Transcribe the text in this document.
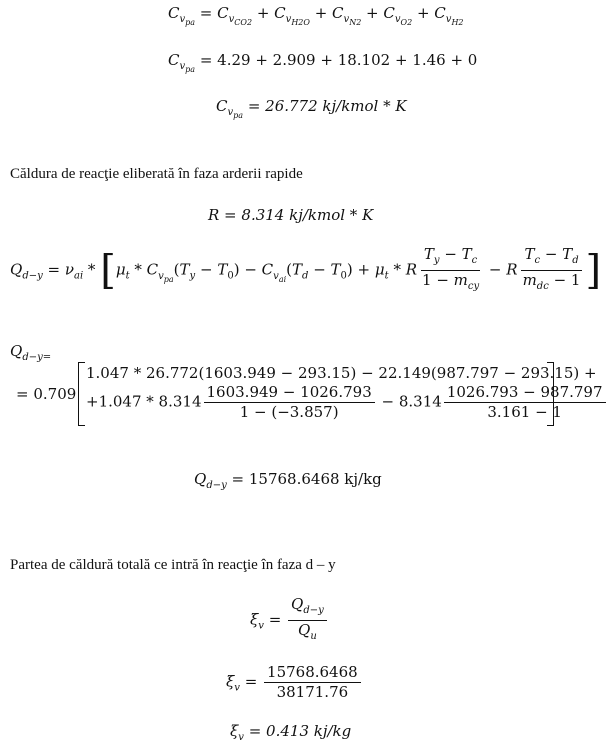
$C_{v_{pa}} = C_{v_{CO2}} + C_{v_{H2O}} + C_{v_{N2}} + C_{v_{O2}} + C_{v_{H2}}$
$C_{v_{pa}} = 4.29 + 2.909 + 18.102 + 1.46 + 0$
$C_{v_{pa}} = 26.772$ kj/kmol * K
Căldura de reacţie eliberată în faza arderii rapide
R = 8.314 kj/kmol * K
$Q_{d-y} = \nu_{ai} * [\mu_t * C_{v_{pa}}(T_y - T_0) - C_{v_{ai}}(T_d - T_0) + \mu_t * R \frac{T_y - T_c}{1 - m_{cy}} - R \frac{T_c - T_d}{m_{dc} - 1}$ ]
$Q_{d-y=}$
= 0.709
1.047 * 26.772(1603.949 − 293.15) − 22.149(987.797 − 293.15) +
$+1.047 * 8.314 \frac{1603.949 - 1026.793}{1 - (-3.857)} - 8.314 \frac{1026.793 - 987.797}{3.161 - 1}$
$Q_{d-y} = 15768.6468$ kj/kg
Partea de căldură totală ce intră în reacţie în faza d – y
$\xi_v = \frac{Q_{d-y}}{Q_u}$
$\xi_v = \frac{15768.6468}{38171.76}$
$\xi_v = 0.413$ kj/kg
